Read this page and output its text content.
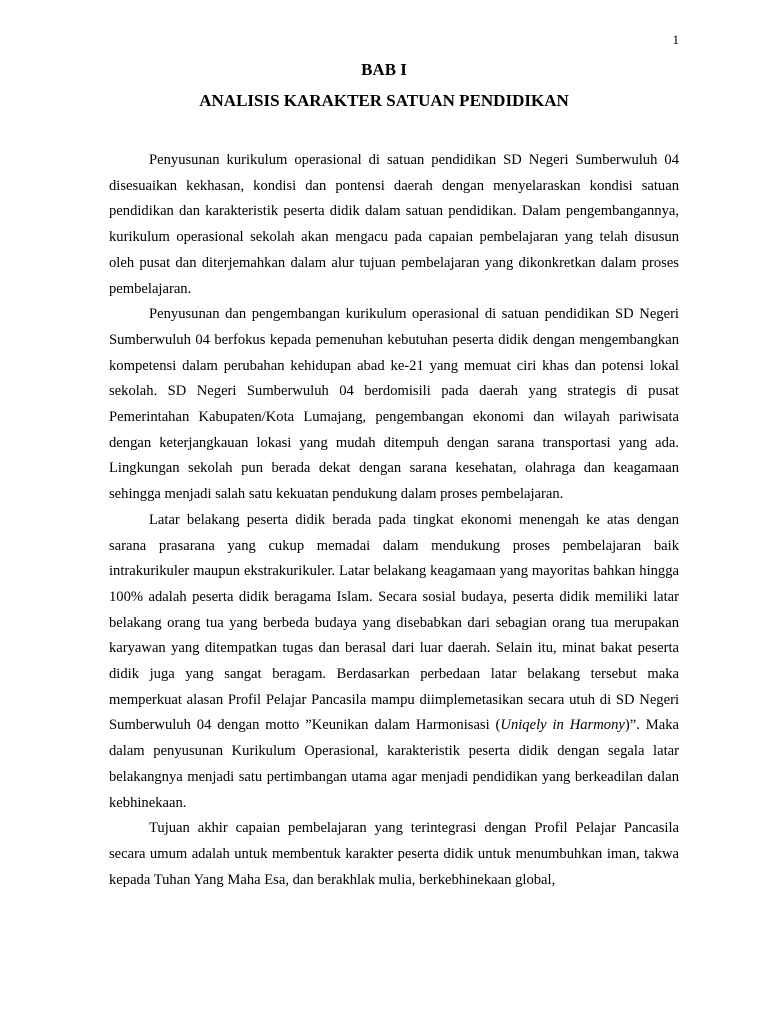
1
BAB I
ANALISIS KARAKTER SATUAN PENDIDIKAN

Penyusunan kurikulum operasional di satuan pendidikan SD Negeri Sumberwuluh 04 disesuaikan kekhasan, kondisi dan pontensi daerah dengan menyelaraskan kondisi satuan pendidikan dan karakteristik peserta didik dalam satuan pendidikan. Dalam pengembangannya, kurikulum operasional sekolah akan mengacu pada capaian pembelajaran yang telah disusun oleh pusat dan diterjemahkan dalam alur tujuan pembelajaran yang dikonkretkan dalam proses pembelajaran.

Penyusunan dan pengembangan kurikulum operasional di satuan pendidikan SD Negeri Sumberwuluh 04 berfokus kepada pemenuhan kebutuhan peserta didik dengan mengembangkan kompetensi dalam perubahan kehidupan abad ke-21 yang memuat ciri khas dan potensi lokal sekolah. SD Negeri Sumberwuluh 04 berdomisili pada daerah yang strategis di pusat Pemerintahan Kabupaten/Kota Lumajang, pengembangan ekonomi dan wilayah pariwisata dengan keterjangkauan lokasi yang mudah ditempuh dengan sarana transportasi yang ada. Lingkungan sekolah pun berada dekat dengan sarana kesehatan, olahraga dan keagamaan sehingga menjadi salah satu kekuatan pendukung dalam proses pembelajaran.

Latar belakang peserta didik berada pada tingkat ekonomi menengah ke atas dengan sarana prasarana yang cukup memadai dalam mendukung proses pembelajaran baik intrakurikuler maupun ekstrakurikuler. Latar belakang keagamaan yang mayoritas bahkan hingga 100% adalah peserta didik beragama Islam. Secara sosial budaya, peserta didik memiliki latar belakang orang tua yang berbeda budaya yang disebabkan dari sebagian orang tua merupakan karyawan yang ditempatkan tugas dan berasal dari luar daerah. Selain itu, minat bakat peserta didik juga yang sangat beragam. Berdasarkan perbedaan latar belakang tersebut maka memperkuat alasan Profil Pelajar Pancasila mampu diimplemetasikan secara utuh di SD Negeri Sumberwuluh 04 dengan motto ”Keunikan dalam Harmonisasi (Uniqely in Harmony)”. Maka dalam penyusunan Kurikulum Operasional, karakteristik peserta didik dengan segala latar belakangnya menjadi satu pertimbangan utama agar menjadi pendidikan yang berkeadilan dalan kebhinekaan.

Tujuan akhir capaian pembelajaran yang terintegrasi dengan Profil Pelajar Pancasila secara umum adalah untuk membentuk karakter peserta didik untuk menumbuhkan iman, takwa kepada Tuhan Yang Maha Esa, dan berakhlak mulia, berkebhinekaan global,
